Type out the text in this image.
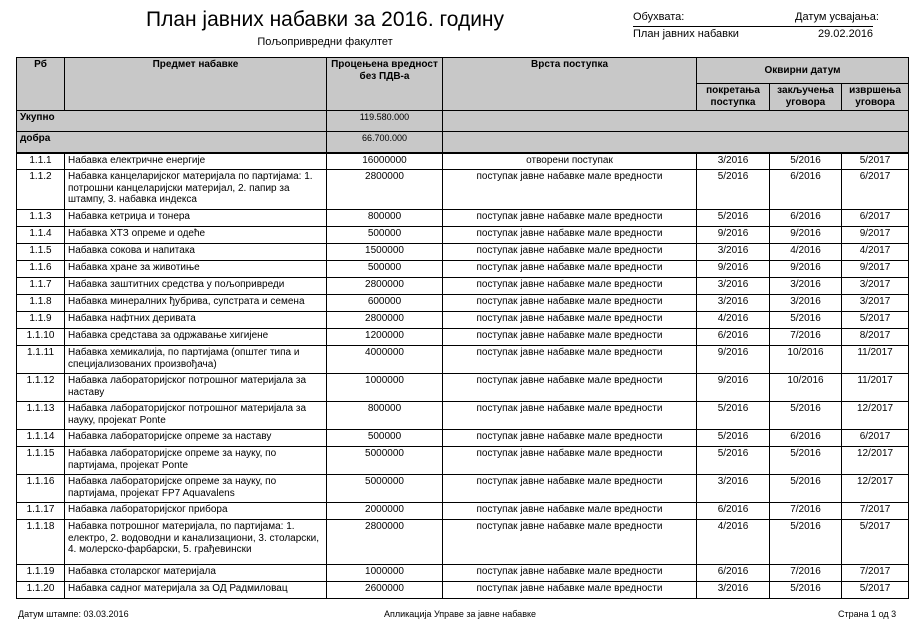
План јавних набавки за 2016. годину
Пољопривредни факултет
Обухвата:	Датум усвајања:
План јавних набавки	29.02.2016
Рб	Предмет набавке	Процењена вредност без ПДВ-а	Врста поступка	Оквирни датум		
				покретања поступка	закључења уговора	извршења уговора
Укупно		119.580.000				
добра		66.700.000				
1.1.1	Набавка електричне енергије	16000000	отворени поступак	3/2016	5/2016	5/2017
1.1.2	Набавка канцеларијског материјала по партијама: 1. потрошни канцеларијски материјал, 2. папир за штампу, 3. набавка индекса	2800000	поступак јавне набавке мале вредности	5/2016	6/2016	6/2017
1.1.3	Набавка кетриџа и тонера	800000	поступак јавне набавке мале вредности	5/2016	6/2016	6/2017
1.1.4	Набавка ХТЗ опреме и одеће	500000	поступак јавне набавке мале вредности	9/2016	9/2016	9/2017
1.1.5	Набавка сокова и напитака	1500000	поступак јавне набавке мале вредности	3/2016	4/2016	4/2017
1.1.6	Набавка хране за животиње	500000	поступак јавне набавке мале вредности	9/2016	9/2016	9/2017
1.1.7	Набавка заштитних средства у пољопривреди	2800000	поступак јавне набавке мале вредности	3/2016	3/2016	3/2017
1.1.8	Набавка минералних ђубрива, супстрата и семена	600000	поступак јавне набавке мале вредности	3/2016	3/2016	3/2017
1.1.9	Набавка нафтних деривата	2800000	поступак јавне набавке мале вредности	4/2016	5/2016	5/2017
1.1.10	Набавка средстава за одржавање хигијене	1200000	поступак јавне набавке мале вредности	6/2016	7/2016	8/2017
1.1.11	Набавка хемикалија, по партијама (општег типа и специјализованих произвођача)	4000000	поступак јавне набавке мале вредности	9/2016	10/2016	11/2017
1.1.12	Набавка лабораторијског потрошног материјала за наставу	1000000	поступак јавне набавке мале вредности	9/2016	10/2016	11/2017
1.1.13	Набавка лабораторијског потрошног материјала за науку, пројекат Ponte	800000	поступак јавне набавке мале вредности	5/2016	5/2016	12/2017
1.1.14	Набавка лабораторијске опреме за наставу	500000	поступак јавне набавке мале вредности	5/2016	6/2016	6/2017
1.1.15	Набавка лабораторијске опреме за науку, по партијама, пројекат Ponte	5000000	поступак јавне набавке мале вредности	5/2016	5/2016	12/2017
1.1.16	Набавка лабораторијске опреме за науку, по партијама, пројекат FP7 Aquavalens	5000000	поступак јавне набавке мале вредности	3/2016	5/2016	12/2017
1.1.17	Набавка лабораторијског прибора	2000000	поступак јавне набавке мале вредности	6/2016	7/2016	7/2017
1.1.18	Набавка потрошног материјала, по партијама: 1. електро, 2. водоводни и канализациони, 3. столарски, 4. молерско-фарбарски, 5. грађевински	2800000	поступак јавне набавке мале вредности	4/2016	5/2016	5/2017
1.1.19	Набавка столарског материјала	1000000	поступак јавне набавке мале вредности	6/2016	7/2016	7/2017
1.1.20	Набавка садног материјала за ОД Радмиловац	2600000	поступак јавне набавке мале вредности	3/2016	5/2016	5/2017
Датум штампе: 03.03.2016	Апликација Управе за јавне набавке	Страна 1 од 3
